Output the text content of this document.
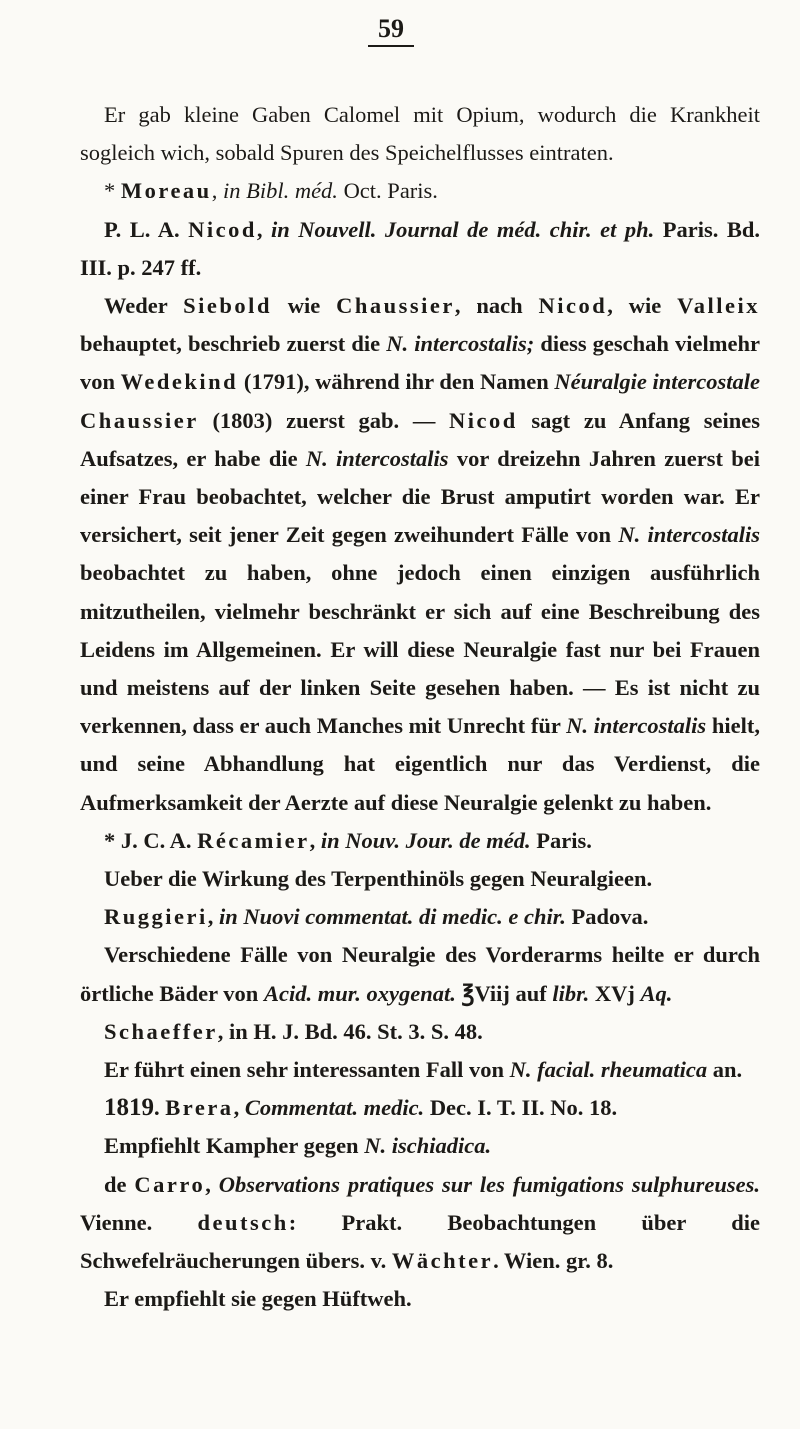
59

Er gab kleine Gaben Calomel mit Opium, wodurch die Krankheit sogleich wich, sobald Spuren des Speichelflusses eintraten.

* Moreau, in Bibl. méd. Oct. Paris.

P. L. A. Nicod, in Nouvell. Journal de méd. chir. et ph. Paris. Bd. III. p. 247 ff.

Weder Siebold wie Chaussier, nach Nicod, wie Valleix behauptet, beschrieb zuerst die N. intercostalis; diess geschah vielmehr von Wedekind (1791), während ihr den Namen Néuralgie intercostale Chaussier (1803) zuerst gab. — Nicod sagt zu Anfang seines Aufsatzes, er habe die N. intercostalis vor dreizehn Jahren zuerst bei einer Frau beobachtet, welcher die Brust amputirt worden war. Er versichert, seit jener Zeit gegen zweihundert Fälle von N. intercostalis beobachtet zu haben, ohne jedoch einen einzigen ausführlich mitzutheilen, vielmehr beschränkt er sich auf eine Beschreibung des Leidens im Allgemeinen. Er will diese Neuralgie fast nur bei Frauen und meistens auf der linken Seite gesehen haben. — Es ist nicht zu verkennen, dass er auch Manches mit Unrecht für N. intercostalis hielt, und seine Abhandlung hat eigentlich nur das Verdienst, die Aufmerksamkeit der Aerzte auf diese Neuralgie gelenkt zu haben.

* J. C. A. Récamier, in Nouv. Jour. de méd. Paris.

Ueber die Wirkung des Terpenthinöls gegen Neuralgieen.

Ruggieri, in Nuovi commentat. di medic. e chir. Padova.

Verschiedene Fälle von Neuralgie des Vorderarms heilte er durch örtliche Bäder von Acid. mur. oxygenat. ℥Viij auf libr. XVj Aq.

Schaeffer, in H. J. Bd. 46. St. 3. S. 48.

Er führt einen sehr interessanten Fall von N. facial. rheumatica an.

1819. Brera, Commentat. medic. Dec. I. T. II. No. 18.

Empfiehlt Kampher gegen N. ischiadica.

de Carro, Observations pratiques sur les fumigations sulphureuses. Vienne. deutsch: Prakt. Beobachtungen über die Schwefelräucherungen übers. v. Wächter. Wien. gr. 8.

Er empfiehlt sie gegen Hüftweh.
